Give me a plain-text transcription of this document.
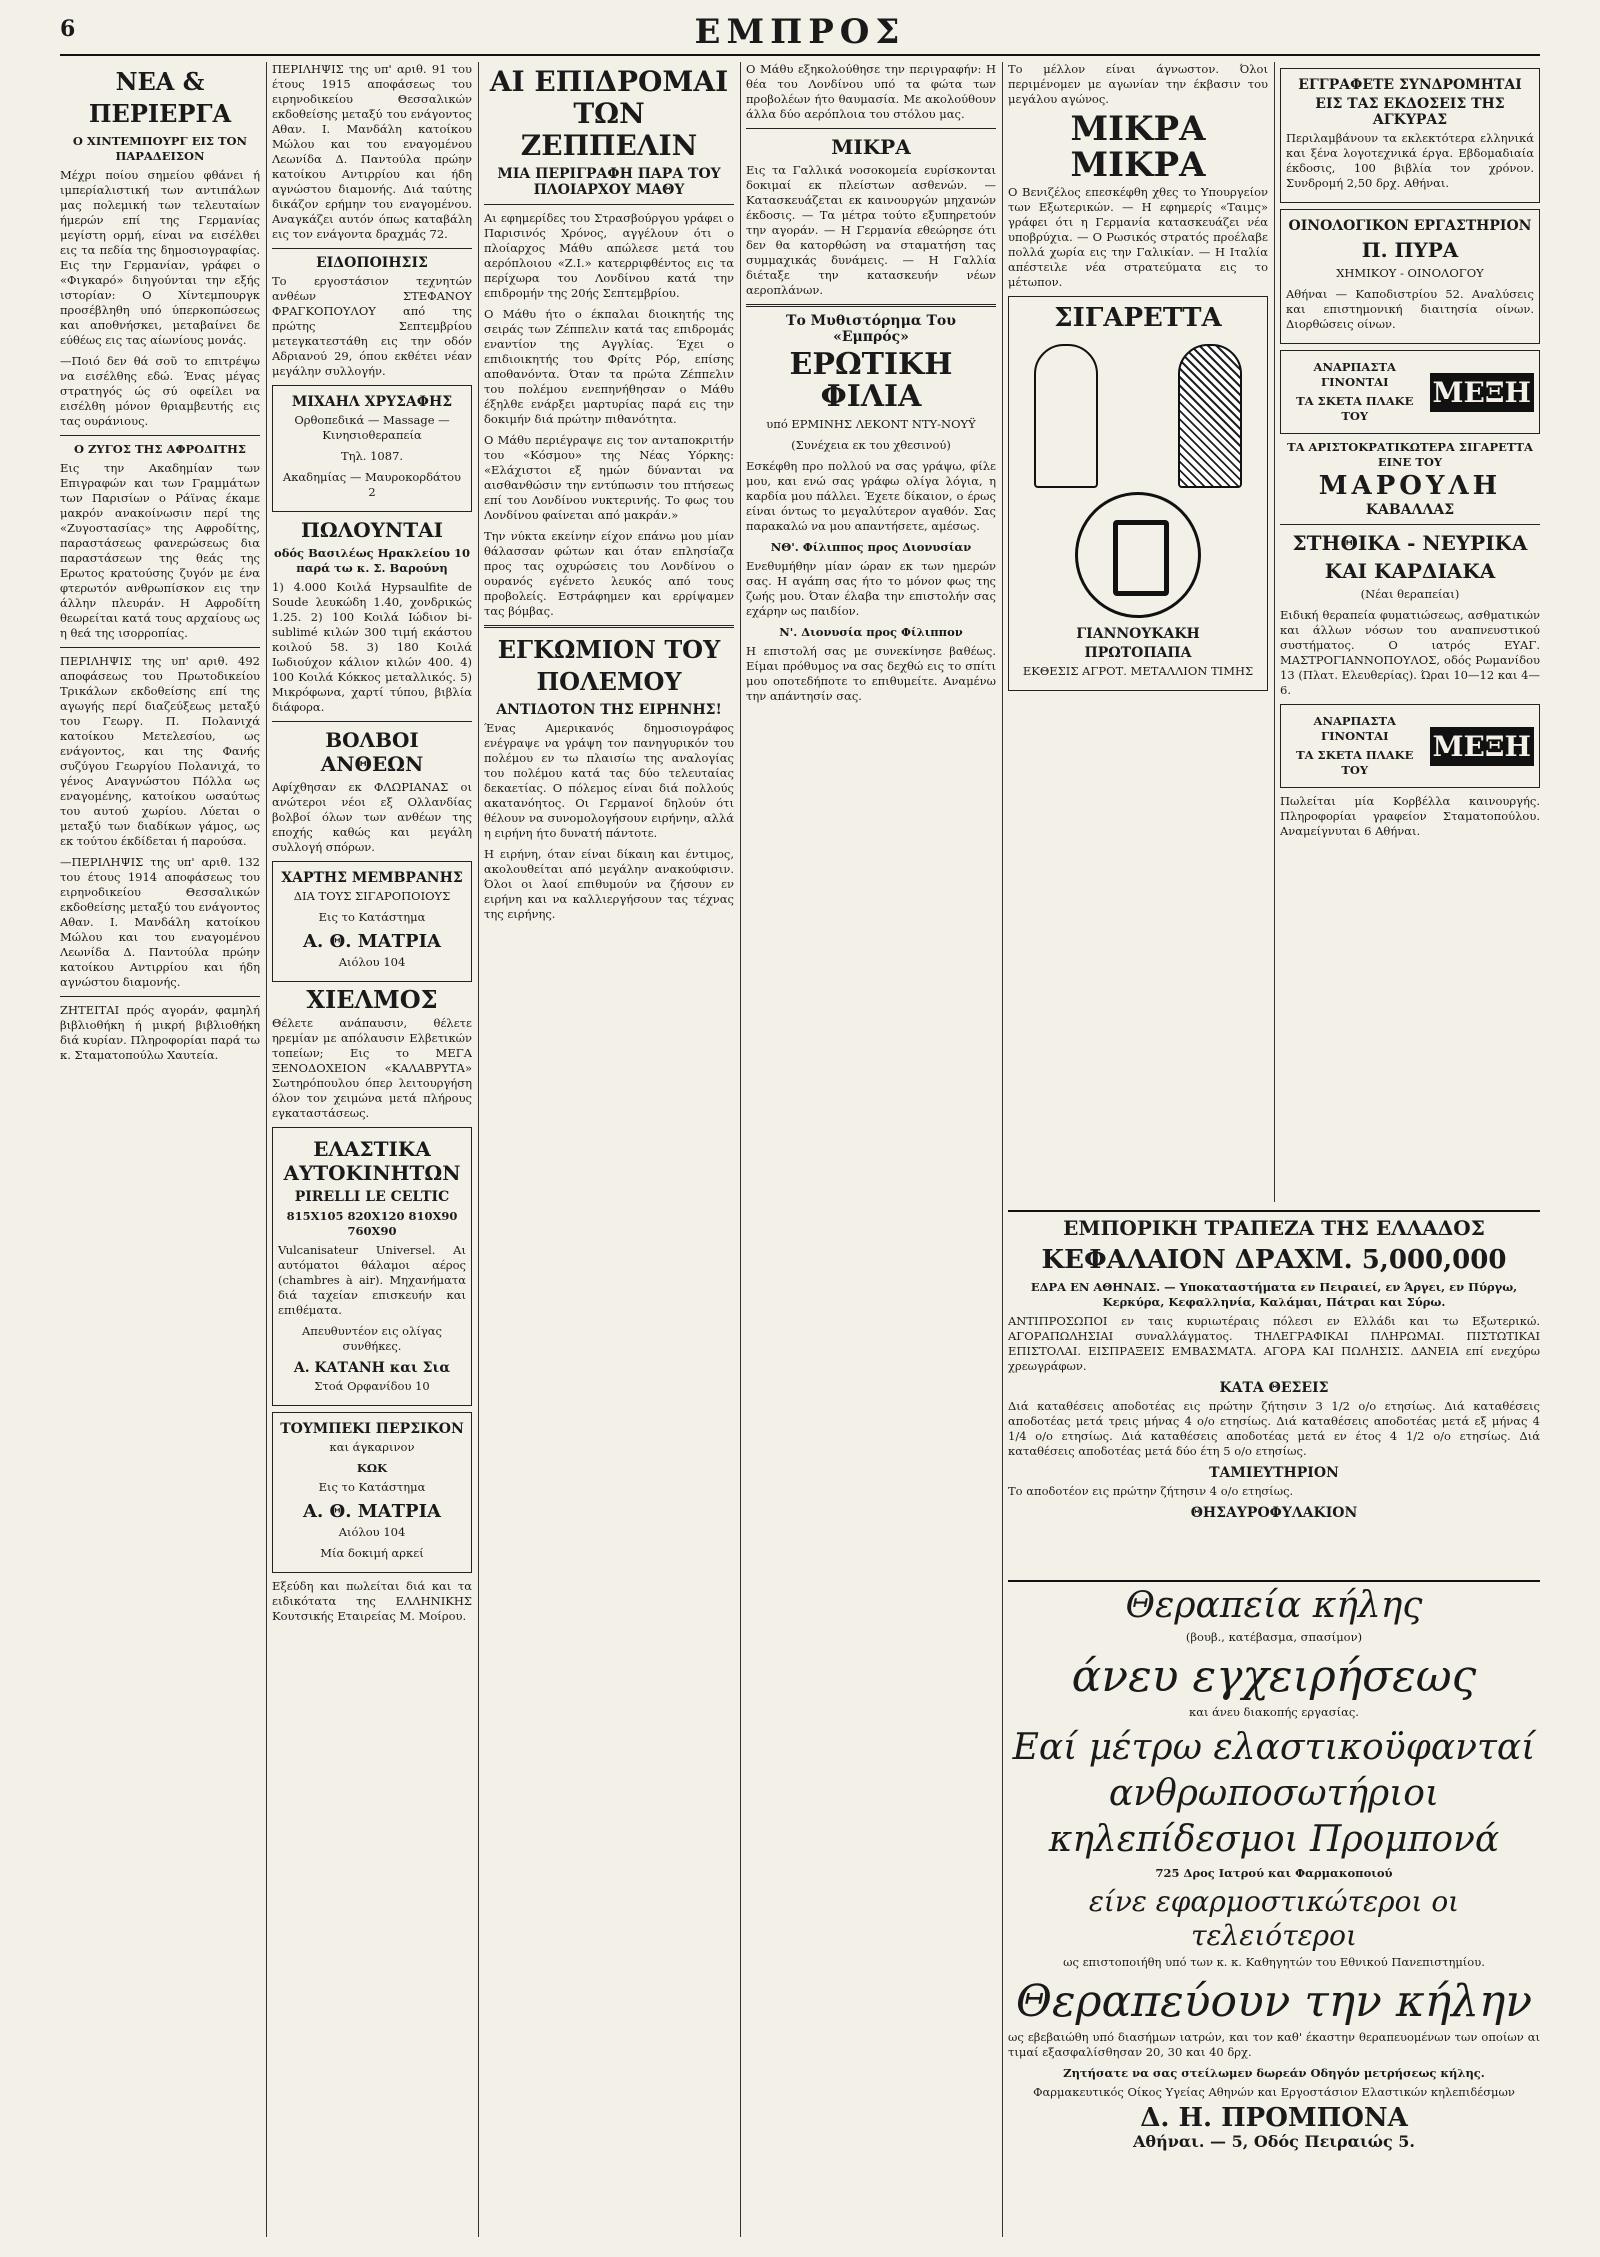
6	ΕΜΠΡΟΣ
ΝΕΑ & ΠΕΡΙΕΡΓΑ
Ο ΧΙΝΤΕΜΠΟΥΡΓ ΕΙΣ ΤΟΝ ΠΑΡΑΔΕΙΣΟΝ

Μέχρι ποίου σημείου φθάνει ή ιμπερίαλιστική των αντιπάλων μας πολεμική των τελευταίων ήμερών επί της Γερμανίας μεγίστη ορμή, είναι να εισέλθει εις τα πεδία της δημοσιογραφίας. Εις την Γερμανίαν, γράφει ο «Φιγκαρό» διηγούνται την εξής ιστορίαν: Ο Χίντεμπουργκ προσέβληθη υπό ύπερκοπώσεως και αποθνήσκει, μεταβαίνει δε εύθέως εις τας αίωνίους μονάς.

—Ποιό δεν θά σοῦ το επιτρέψω να εισέλθης εδώ. Ένας μέγας στρατηγός ώς σύ οφείλει να εισέλθη μόνον θριαμβευτής εις τας ουράνιους.

Ο ΖΥΓΟΣ ΤΗΣ ΑΦΡΟΔΙΤΗΣ

Εις την Ακαδημίαν των Επιγραφών και των Γραμμάτων των Παρισίων ο Ράϊνας έκαμε μακρόν ανακοίνωσιν περί της «Ζυγοστασίας» της Αφροδίτης, παραστάσεως φανερώσεως δια παραστάσεων της θεάς της Ερωτος κρατούσης ζυγόν με ένα φτερωτόν ανθρωπίσκον εις την άλλην πλευράν. Η Αφροδίτη θεωρείται κατά τους αρχαίους ως η θεά της ισορροπίας.

ΠΕΡΙΛΗΨΙΣ της υπ' αριθ. 492 αποφάσεως του Πρωτοδικείου Τρικάλων εκδοθείσης επί της αγωγής περί διαζεύξεως μεταξύ του Γεωργ. Π. Πολανιχά κατοίκου Μετελεσίου, ως ενάγοντος, και της Φανής συζύγου Γεωργίου Πολανιχά, το γένος Αναγνώστου Πόλλα ως εναγομένης, κατοίκου ωσαύτως του αυτού χωρίου. Λύεται ο μεταξύ των διαδίκων γάμος, ως εκ τούτου έκδίδεται ή παρούσα.

—ΠΕΡΙΛΗΨΙΣ της υπ' αριθ. 132 του έτους 1914 αποφάσεως του ειρηνοδικείου Θεσσαλικών εκδοθείσης μεταξύ του ενάγοντος Αθαν. Ι. Μανδάλη κατοίκου Μώλου και του εναγομένου Λεωνίδα Δ. Παντούλα πρώην κατοίκου Αντιρρίου και ήδη αγνώστου διαμονής.

ΖΗΤΕΙΤΑΙ πρός αγοράν, φαμηλή βιβλιοθήκη ή μικρή βιβλιοθήκη διά κυρίαν. Πληροφορίαι παρά τω κ. Σταματοπούλω Χαυτεία.

ΠΕΡΙΛΗΨΙΣ της υπ' αριθ. 91 του έτους 1915 αποφάσεως του ειρηνοδικείου Θεσσαλικών εκδοθείσης μεταξύ του ενάγοντος Αθαν. Ι. Μανδάλη κατοίκου Μώλου και του εναγομένου Λεωνίδα Δ. Παντούλα πρώην κατοίκου Αντιρρίου και ήδη αγνώστου διαμονής. Διά ταύτης δικάζον ερήμην του εναγομένου. Αναγκάζει αυτόν όπως καταβάλη εις τον ενάγοντα δραχμάς 72.

ΕΙΔΟΠΟΙΗΣΙΣ

Το εργοστάσιον τεχνητών ανθέων ΣΤΕΦΑΝΟΥ ΦΡΑΓΚΟΠΟΥΛΟΥ από της πρώτης Σεπτεμβρίου μετεγκατεστάθη εις την οδόν Αδριανού 29, όπου εκθέτει νέαν μεγάλην συλλογήν.

ΜΙΧΑΗΛ ΧΡΥΣΑΦΗΣ
Ορθοπεδικά — Massage — Κινησιοθεραπεία
Τηλ. 1087.
Ακαδημίας — Μαυροκορδάτου 2
ΠΩΛΟΥΝΤΑΙ
οδός Βασιλέως Ηρακλείου 10 παρά τω κ. Σ. Βαρούνη

1) 4.000 Κοιλά Hypsaulfite de Soude λευκώδη 1.40, χονδρικώς 1.25. 2) 100 Κοιλά Ιώδιον bi-sublimé κιλών 300 τιμή εκάστου κοιλού 58. 3) 180 Κοιλά Ιωδιούχον κάλιον κιλών 400. 4) 100 Κοιλά Κόκκος μεταλλικός. 5) Μικρόφωνα, χαρτί τύπου, βιβλία διάφορα.

ΒΟΛΒΟΙ ΑΝΘΕΩΝ

Αφίχθησαν εκ ΦΛΩΡΙΑΝΑΣ οι ανώτεροι νέοι εξ Ολλανδίας βολβοί όλων των ανθέων της εποχής καθώς και μεγάλη συλλογή σπόρων.

ΧΑΡΤΗΣ ΜΕΜΒΡΑΝΗΣ
ΔΙΑ ΤΟΥΣ ΣΙΓΑΡΟΠΟΙΟΥΣ
Εις το Κατάστημα
Α. Θ. ΜΑΤΡΙΑ
Αιόλου 104
ΧΙΕΛΜΟΣ

Θέλετε ανάπαυσιν, θέλετε ηρεμίαν με απόλαυσιν Ελβετικών τοπείων; Εις το ΜΕΓΑ ΞΕΝΟΔΟΧΕΙΟΝ «ΚΑΛΑΒΡΥΤΑ» Σωτηρόπουλου όπερ λειτουργήση όλον τον χειμώνα μετά πλήρους εγκαταστάσεως.

ΕΛΑΣΤΙΚΑ ΑΥΤΟΚΙΝΗΤΩΝ
PIRELLI LE CELTIC
815Χ105 820Χ120 810Χ90 760Χ90

Vulcanisateur Universel. Αι αυτόματοι θάλαμοι αέρος (chambres à air). Μηχανήματα διά ταχείαν επισκευήν και επιθέματα.

Απευθυντέον εις ολίγας συνθήκες.
Α. ΚΑΤΑΝΗ και Σια
Στοά Ορφανίδου 10
ΤΟΥΜΠΕΚΙ ΠΕΡΣΙΚΟΝ
και άγκαρινον
ΚΩΚ
Εις το Κατάστημα
Α. Θ. ΜΑΤΡΙΑ
Αιόλου 104
Μία δοκιμή αρκεί

Εξεύδη και πωλείται διά και τα ειδικότατα της ΕΛΛΗΝΙΚΗΣ Κουτσικής Εταιρείας Μ. Μοίρου.

ΑΙ ΕΠΙΔΡΟΜΑΙ ΤΩΝ ΖΕΠΠΕΛΙΝ
ΜΙΑ ΠΕΡΙΓΡΑΦΗ ΠΑΡΑ ΤΟΥ ΠΛΟΙΑΡΧΟΥ ΜΑΘΥ

Αι εφημερίδες του Στρασβούργου γράφει ο Παρισινός Χρόνος, αγγέλουν ότι ο πλοίαρχος Μάθυ απώλεσε μετά του αερόπλοιου «Ζ.Ι.» κατερριφθέντος εις τα περίχωρα του Λονδίνου κατά την επιδρομήν της 20ής Σεπτεμβρίου.

Ο Μάθυ ήτο ο έκπαλαι διοικητής της σειράς των Ζέππελιν κατά τας επιδρομάς εναντίον της Αγγλίας. Έχει ο επιδιοικητής του Φρίτς Ρόρ, επίσης αποθανόντα. Όταν τα πρώτα Ζέππελιν του πολέμου ενεπηνήθησαν ο Μάθυ έξηλθε ενάρξει μαρτυρίας παρά εις την δοκιμήν διά πρώτην πιθανότητα.

Ο Μάθυ περιέγραψε εις τον ανταποκριτήν του «Κόσμου» της Νέας Υόρκης: «Ελάχιστοι εξ ημών δύνανται να αισθανθώσιν την εντύπωσιν του πτήσεως επί του Λονδίνου νυκτερινής. Το φως του Λονδίνου φαίνεται από μακράν.»

Την νύκτα εκείνην είχον επάνω μου μίαν θάλασσαν φώτων και όταν επλησίαζα προς τας οχυρώσεις του Λονδίνου ο ουρανός εγένετο λευκός από τους προβολείς. Εστράφημεν και ερρίψαμεν τας βόμβας.

ΕΓΚΩΜΙΟΝ ΤΟΥ ΠΟΛΕΜΟΥ
ΑΝΤΙΔΟΤΟΝ ΤΗΣ ΕΙΡΗΝΗΣ!

Ένας Αμερικανός δημοσιογράφος ενέγραψε να γράψη τον πανηγυρικόν του πολέμου εν τω πλαισίω της αναλογίας του πολέμου κατά τας δύο τελευταίας δεκαετίας. Ο πόλεμος είναι διά πολλούς ακατανόητος. Οι Γερμανοί δηλούν ότι θέλουν να συνομολογήσουν ειρήνην, αλλά η ειρήνη ήτο δυνατή πάντοτε.

Η ειρήνη, όταν είναι δίκαιη και έντιμος, ακολουθείται από μεγάλην ανακούφισιν. Όλοι οι λαοί επιθυμούν να ζήσουν εν ειρήνη και να καλλιεργήσουν τας τέχνας της ειρήνης.

Ο Μάθυ εξηκολούθησε την περιγραφήν: Η θέα του Λονδίνου υπό τα φώτα των προβολέων ήτο θαυμασία. Με ακολούθουν άλλα δύο αερόπλοια του στόλου μας.

ΜΙΚΡΑ

Εις τα Γαλλικά νοσοκομεία ευρίσκονται δοκιμαί εκ πλείστων ασθενών. — Κατασκευάζεται εκ καινουργών μηχανών έκδοσις. — Τα μέτρα τούτο εξυπηρετούν την αγοράν. — Η Γερμανία εθεώρησε ότι δεν θα κατορθώση να σταματήση τας συμμαχικάς δυνάμεις. — Η Γαλλία διέταξε την κατασκευήν νέων αεροπλάνων.

Το Μυθιστόρημα Του «Εμπρός»
ΕΡΩΤΙΚΗ ΦΙΛΙΑ
υπό ΕΡΜΙΝΗΣ ΛΕΚΟΝΤ ΝΤΥ-ΝΟΥΫ
(Συνέχεια εκ του χθεσινού)

Εσκέφθη προ πολλού να σας γράψω, φίλε μου, και ενώ σας γράφω ολίγα λόγια, η καρδία μου πάλλει. Έχετε δίκαιον, ο έρως είναι όντως το μεγαλύτερον αγαθόν. Σας παρακαλώ να μου απαντήσετε, αμέσως.

ΝΘ'. Φίλιππος προς Διονυσίαν

Ενεθυμήθην μίαν ώραν εκ των ημερών σας. Η αγάπη σας ήτο το μόνον φως της ζωής μου. Όταν έλαβα την επιστολήν σας εχάρην ως παιδίον.

Ν'. Διονυσία προς Φίλιππον

Η επιστολή σας με συνεκίνησε βαθέως. Είμαι πρόθυμος να σας δεχθώ εις το σπίτι μου οποτεδήποτε το επιθυμείτε. Αναμένω την απάντησίν σας.

Το μέλλον είναι άγνωστον. Όλοι περιμένομεν με αγωνίαν την έκβασιν του μεγάλου αγώνος.

ΜΙΚΡΑ
ΜΙΚΡΑ

Ο Βενιζέλος επεσκέφθη χθες το Υπουργείον των Εξωτερικών. — Η εφημερίς «Ταιμς» γράφει ότι η Γερμανία κατασκευάζει νέα υποβρύχια. — Ο Ρωσικός στρατός προέλαβε πολλά χωρία εις την Γαλικίαν. — Η Ιταλία απέστειλε νέα στρατεύματα εις το μέτωπον.

ΣΙΓΑΡΕΤΤΑ
ΓΙΑΝΝΟΥΚΑΚΗ
ΠΡΩΤΟΠΑΠΑ
ΕΚΘΕΣΙΣ ΑΓΡΟΤ. ΜΕΤΑΛΛΙΟΝ ΤΙΜΗΣ
ΕΓΓΡΑΦΕΤΕ ΣΥΝΔΡΟΜΗΤΑΙ
ΕΙΣ ΤΑΣ ΕΚΔΟΣΕΙΣ ΤΗΣ ΑΓΚΥΡΑΣ

Περιλαμβάνουν τα εκλεκτότερα ελληνικά και ξένα λογοτεχνικά έργα. Εβδομαδιαία έκδοσις, 100 βιβλία τον χρόνον. Συνδρομή 2,50 δρχ. Αθήναι.

ΟΙΝΟΛΟΓΙΚΟΝ ΕΡΓΑΣΤΗΡΙΟΝ
Π. ΠΥΡΑ
ΧΗΜΙΚΟΥ - ΟΙΝΟΛΟΓΟΥ

Αθήναι — Καποδιστρίου 52. Αναλύσεις και επιστημονική διαιτησία οίνων. Διορθώσεις οίνων.

ΑΝΑΡΠΑΣΤΑ ΓΙΝΟΝΤΑΙ
ΤΑ ΣΚΕΤΑ ΠΛΑΚΕ ΤΟΥ
ΜΕΞΗ
ΤΑ ΑΡΙΣΤΟΚΡΑΤΙΚΩΤΕΡΑ ΣΙΓΑΡΕΤΤΑ ΕΙΝΕ ΤΟΥ
ΜΑΡΟΥΛΗ
ΚΑΒΑΛΛΑΣ
ΣΤΗΘΙΚΑ - ΝΕΥΡΙΚΑ
ΚΑΙ ΚΑΡΔΙΑΚΑ
(Νέαι θεραπείαι)

Ειδική θεραπεία φυματιώσεως, ασθματικών και άλλων νόσων του αναπνευστικού συστήματος. Ο ιατρός ΕΥΑΓ. ΜΑΣΤΡΟΓΙΑΝΝΟΠΟΥΛΟΣ, οδός Ρωμανίδου 13 (Πλατ. Ελευθερίας). Ώραι 10—12 και 4—6.

ΑΝΑΡΠΑΣΤΑ ΓΙΝΟΝΤΑΙ
ΤΑ ΣΚΕΤΑ ΠΛΑΚΕ ΤΟΥ
ΜΕΞΗ

Πωλείται μία Κορβέλλα καινουργής. Πληροφορίαι γραφείον Σταματοπούλου. Αναμείγνυται 6 Αθήναι.

ΕΜΠΟΡΙΚΗ ΤΡΑΠΕΖΑ ΤΗΣ ΕΛΛΑΔΟΣ
ΚΕΦΑΛΑΙΟΝ ΔΡΑΧΜ. 5,000,000

ΕΔΡΑ ΕΝ ΑΘΗΝΑΙΣ. — Υποκαταστήματα εν Πειραιεί, εν Άργει, εν Πύργω, Κερκύρα, Κεφαλληνία, Καλάμαι, Πάτραι και Σύρω.

ΑΝΤΙΠΡΟΣΩΠΟΙ εν ταις κυριωτέραις πόλεσι εν Ελλάδι και τω Εξωτερικώ. ΑΓΟΡΑΠΩΛΗΣΙΑΙ συναλλάγματος. ΤΗΛΕΓΡΑΦΙΚΑΙ ΠΛΗΡΩΜΑΙ. ΠΙΣΤΩΤΙΚΑΙ ΕΠΙΣΤΟΛΑΙ. ΕΙΣΠΡΑΞΕΙΣ ΕΜΒΑΣΜΑΤΑ. ΑΓΟΡΑ ΚΑΙ ΠΩΛΗΣΙΣ. ΔΑΝΕΙΑ επί ενεχύρω χρεωγράφων.

ΚΑΤΑ ΘΕΣΕΙΣ

Διά καταθέσεις αποδοτέας εις πρώτην ζήτησιν 3 1/2 ο/ο ετησίως. Διά καταθέσεις αποδοτέας μετά τρεις μήνας 4 ο/ο ετησίως. Διά καταθέσεις αποδοτέας μετά εξ μήνας 4 1/4 ο/ο ετησίως. Διά καταθέσεις αποδοτέας μετά εν έτος 4 1/2 ο/ο ετησίως. Διά καταθέσεις αποδοτέας μετά δύο έτη 5 ο/ο ετησίως.

ΤΑΜΙΕΥΤΗΡΙΟΝ

Το αποδοτέον εις πρώτην ζήτησιν 4 ο/ο ετησίως.

ΘΗΣΑΥΡΟΦΥΛΑΚΙΟΝ
Θεραπεία κήλης
(βουβ., κατέβασμα, σπασίμον)
άνευ εγχειρήσεως
και άνευ διακοπής εργασίας.
Εαί μέτρω ελαστικοϋφανταί
ανθρωποσωτήριοι
κηλεπίδεσμοι Προμπονά
725 Δρος Ιατρού και Φαρμακοποιού
είνε εφαρμοστικώτεροι οι τελειότεροι
ως επιστοποιήθη υπό των κ. κ. Καθηγητών του Εθνικού Πανεπιστημίου.
Θεραπεύουν την κήλην

ως εβεβαιώθη υπό διασήμων ιατρών, και τον καθ' έκαστην θεραπευομένων των οποίων αι τιμαί εξασφαλίσθησαν 20, 30 και 40 δρχ.

Ζητήσατε να σας στείλωμεν δωρεάν Οδηγόν μετρήσεως κήλης.
Φαρμακευτικός Οίκος Υγείας Αθηνών και Εργοστάσιον Ελαστικών κηλεπιδέσμων
Δ. Η. ΠΡΟΜΠΟΝΑ
Αθήναι. — 5, Οδός Πειραιώς 5.
